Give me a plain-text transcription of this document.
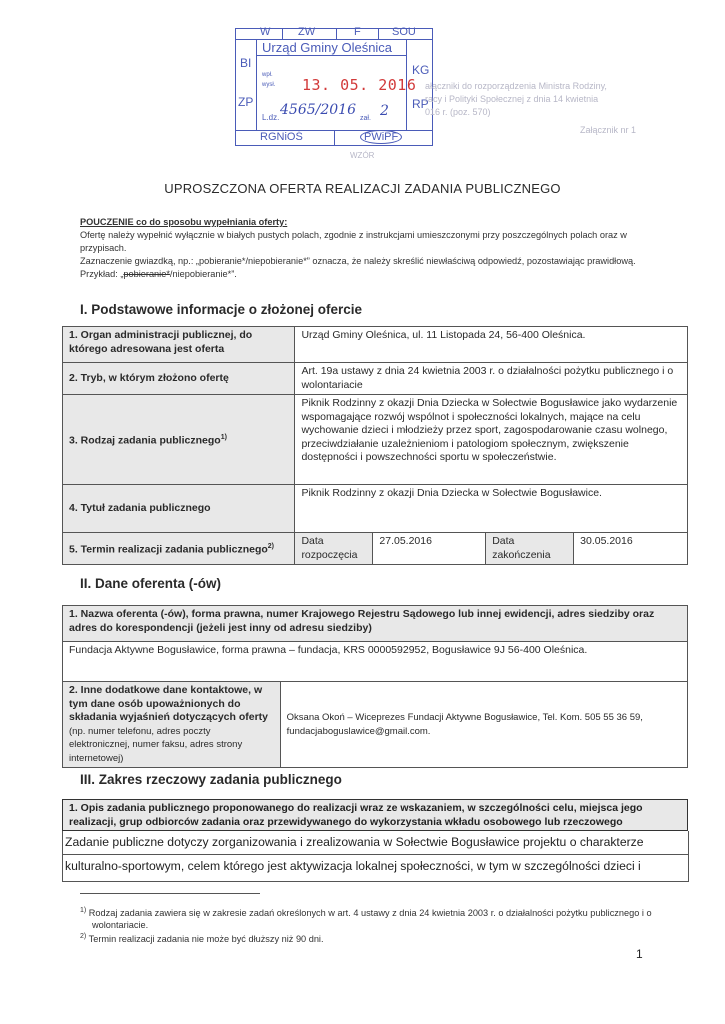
W	ZW	F	SOU
Urząd Gminy Oleśnica
BI
ZP
KG
RP
wpł.
wysł. 13. 05. 2016
L.dz. 4565/2016
zał. 2
RGNiOŚ	PWiPF
ałączniki do rozporządzenia Ministra Rodziny,
racy i Polityki Społecznej z dnia 14 kwietnia
016 r. (poz. 570)
Załącznik nr 1
WZÓR
UPROSZCZONA OFERTA REALIZACJI ZADANIA PUBLICZNEGO
POUCZENIE co do sposobu wypełniania oferty:
Ofertę należy wypełnić wyłącznie w białych pustych polach, zgodnie z instrukcjami umieszczonymi przy poszczególnych polach oraz w przypisach.
Zaznaczenie gwiazdką, np.: „pobieranie*/niepobieranie*” oznacza, że należy skreślić niewłaściwą odpowiedź, pozostawiając prawidłową. Przykład: „pobieranie*/niepobieranie*”.
I. Podstawowe informacje o złożonej ofercie
1. Organ administracji publicznej, do którego adresowana jest oferta	Urząd Gminy Oleśnica, ul. 11 Listopada 24, 56-400 Oleśnica.			
2. Tryb, w którym złożono ofertę	Art. 19a ustawy z dnia 24 kwietnia 2003 r. o działalności pożytku publicznego i o wolontariacie			
3. Rodzaj zadania publicznego$^{1)}$	Piknik Rodzinny z okazji Dnia Dziecka w Sołectwie Bogusławice jako wydarzenie wspomagające rozwój wspólnot i społeczności lokalnych, mające na celu wychowanie dzieci i młodzieży przez sport, zagospodarowanie czasu wolnego, przeciwdziałanie uzależnieniom i patologiom społecznym, zwiększenie dostępności i powszechności sportu w społeczeństwie.			
4. Tytuł zadania publicznego	Piknik Rodzinny z okazji Dnia Dziecka w Sołectwie Bogusławice.			
5. Termin realizacji zadania publicznego$^{2)}$	Data rozpoczęcia	27.05.2016	Data zakończenia	30.05.2016
II. Dane oferenta (-ów)
1. Nazwa oferenta (-ów), forma prawna, numer Krajowego Rejestru Sądowego lub innej ewidencji, adres siedziby oraz adres do korespondencji (jeżeli jest inny od adresu siedziby)
Fundacja Aktywne Bogusławice, forma prawna – fundacja, KRS 0000592952, Bogusławice 9J 56-400 Oleśnica.
2. Inne dodatkowe dane kontaktowe, w tym dane osób upoważnionych do składania wyjaśnień dotyczących oferty (np. numer telefonu, adres poczty elektronicznej, numer faksu, adres strony internetowej)	Oksana Okoń – Wiceprezes Fundacji Aktywne Bogusławice, Tel. Kom. 505 55 36 59, fundacjaboguslawice@gmail.com.
III. Zakres rzeczowy zadania publicznego
1. Opis zadania publicznego proponowanego do realizacji wraz ze wskazaniem, w szczególności celu, miejsca jego realizacji, grup odbiorców zadania oraz przewidywanego do wykorzystania wkładu osobowego lub rzeczowego
Zadanie publiczne dotyczy zorganizowania i zrealizowania w Sołectwie Bogusławice projektu o charakterze
kulturalno-sportowym, celem którego jest aktywizacja lokalnej społeczności, w tym w szczególności dzieci i
$^{1)}$ Rodzaj zadania zawiera się w zakresie zadań określonych w art. 4 ustawy z dnia 24 kwietnia 2003 r. o działalności pożytku publicznego i o wolontariacie.
$^{2)}$ Termin realizacji zadania nie może być dłuższy niż 90 dni.
1
